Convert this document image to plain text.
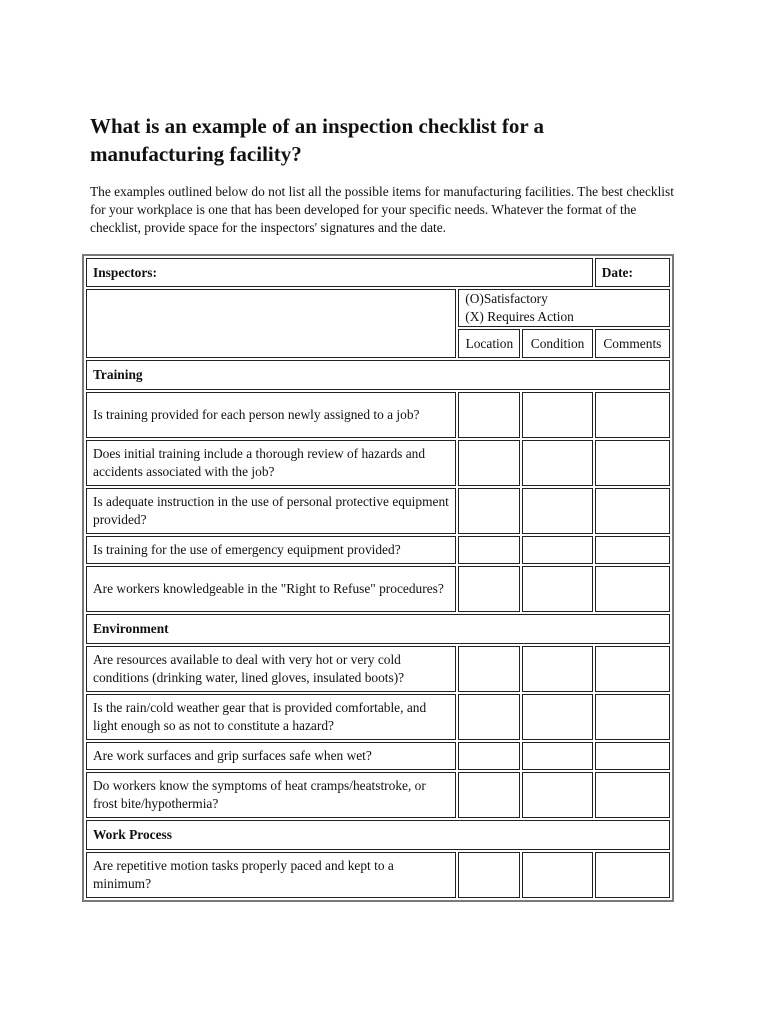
What is an example of an inspection checklist for a manufacturing facility?

The examples outlined below do not list all the possible items for manufacturing facilities. The best checklist for your workplace is one that has been developed for your specific needs. Whatever the format of the checklist, provide space for the inspectors' signatures and the date.

Inspectors:			Date:

	(O)Satisfactory
(X) Requires Action		

	Location	Condition	Comments
Training			
Is training provided for each person newly assigned to a job?			
Does initial training include a thorough review of hazards and accidents associated with the job?			
Is adequate instruction in the use of personal protective equipment provided?			
Is training for the use of emergency equipment provided?			
Are workers knowledgeable in the "Right to Refuse" procedures?			
Environment			
Are resources available to deal with very hot or very cold conditions (drinking water, lined gloves, insulated boots)?			
Is the rain/cold weather gear that is provided comfortable, and light enough so as not to constitute a hazard?			
Are work surfaces and grip surfaces safe when wet?			
Do workers know the symptoms of heat cramps/heatstroke, or frost bite/hypothermia?			
Work Process			
Are repetitive motion tasks properly paced and kept to a minimum?			
